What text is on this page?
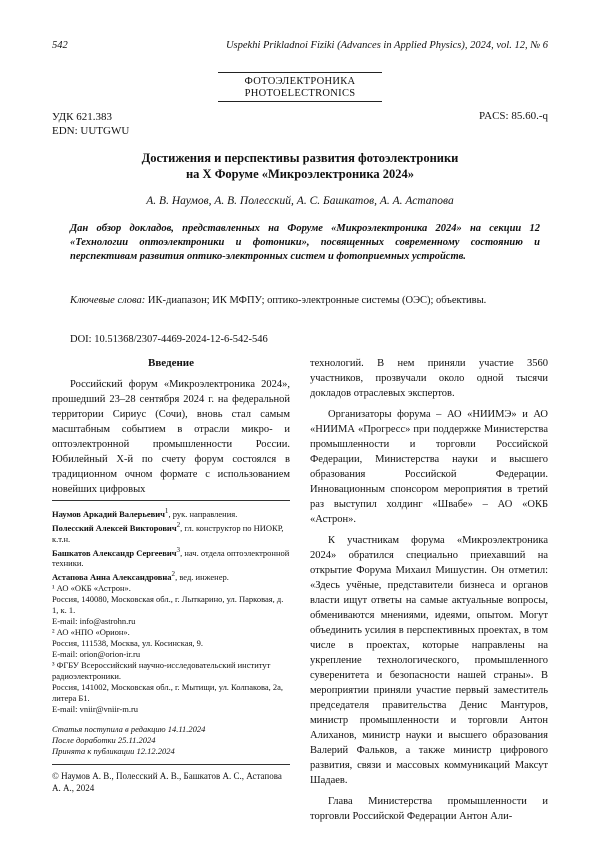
542	Uspekhi Prikladnoi Fiziki (Advances in Applied Physics), 2024, vol. 12, № 6
ФОТОЭЛЕКТРОНИКА
PHOTOELECTRONICS
УДК 621.383
EDN: UUTGWU
PACS: 85.60.-q
Достижения и перспективы развития фотоэлектроники
на X Форуме «Микроэлектроника 2024»
А. В. Наумов, А. В. Полесский, А. С. Башкатов, А. А. Астапова
Дан обзор докладов, представленных на Форуме «Микроэлектроника 2024» на секции 12 «Технологии оптоэлектроники и фотоники», посвященных современному состоянию и перспективам развития оптико-электронных систем и фотоприемных устройств.
Ключевые слова: ИК-диапазон; ИК МФПУ; оптико-электронные системы (ОЭС); объективы.
DOI: 10.51368/2307-4469-2024-12-6-542-546
Введение

Российский форум «Микроэлектроника 2024», прошедший 23–28 сентября 2024 г. на федеральной территории Сириус (Сочи), вновь стал самым масштабным событием в отрасли микро- и оптоэлектронной промышленности России. Юбилейный X-й по счету форум состоялся в традиционном очном формате с использованием новейших цифровых

технологий. В нем приняли участие 3560 участников, прозвучали около одной тысячи докладов отраслевых экспертов.

Организаторы форума – АО «НИИМЭ» и АО «НИИМА «Прогресс» при поддержке Министерства промышленности и торговли Российской Федерации, Министерства науки и высшего образования Российской Федерации. Инновационным спонсором мероприятия в третий раз выступил холдинг «Швабе» – АО «ОКБ «Астрон».

К участникам форума «Микроэлектроника 2024» обратился специально приехавший на открытие Форума Михаил Мишустин. Он отметил: «Здесь учёные, представители бизнеса и органов власти ищут ответы на самые актуальные вопросы, обмениваются мнениями, идеями, опытом. Могут объединить усилия в перспективных проектах, в том числе в проектах, которые направлены на укрепление технологического, промышленного суверенитета и безопасности нашей страны». В мероприятии приняли участие первый заместитель председателя правительства Денис Мантуров, министр промышленности и торговли Антон Алиханов, министр науки и высшего образования Валерий Фальков, а также министр цифрового развития, связи и массовых коммуникаций Максут Шадаев.

Глава Министерства промышленности и торговли Российской Федерации Антон Али-

Наумов Аркадий Валерьевич$^1$, рук. направления.

Полесский Алексей Викторович$^2$, гл. конструктор по НИОКР, к.т.н.

Башкатов Александр Сергеевич$^3$, нач. отдела оптоэлектронной техники.

Астапова Анна Александровна$^2$, вед. инженер.

¹ АО «ОКБ «Астрон».

Россия, 140080, Московская обл., г. Лыткарино, ул. Парковая, д. 1, к. 1.

E-mail: info@astrohn.ru

² АО «НПО «Орион».

Россия, 111538, Москва, ул. Косинская, 9.

E-mail: orion@orion-ir.ru

³ ФГБУ Всероссийский научно-исследовательский институт радиоэлектроники.

Россия, 141002, Московская обл., г. Мытищи, ул. Колпакова, 2а, литера Б1.

E-mail: vniir@vniir-m.ru

Статья поступила в редакцию 14.11.2024
После доработки 25.11.2024
Принята к публикации 12.12.2024
© Наумов А. В., Полесский А. В., Башкатов А. С., Астапова А. А., 2024
